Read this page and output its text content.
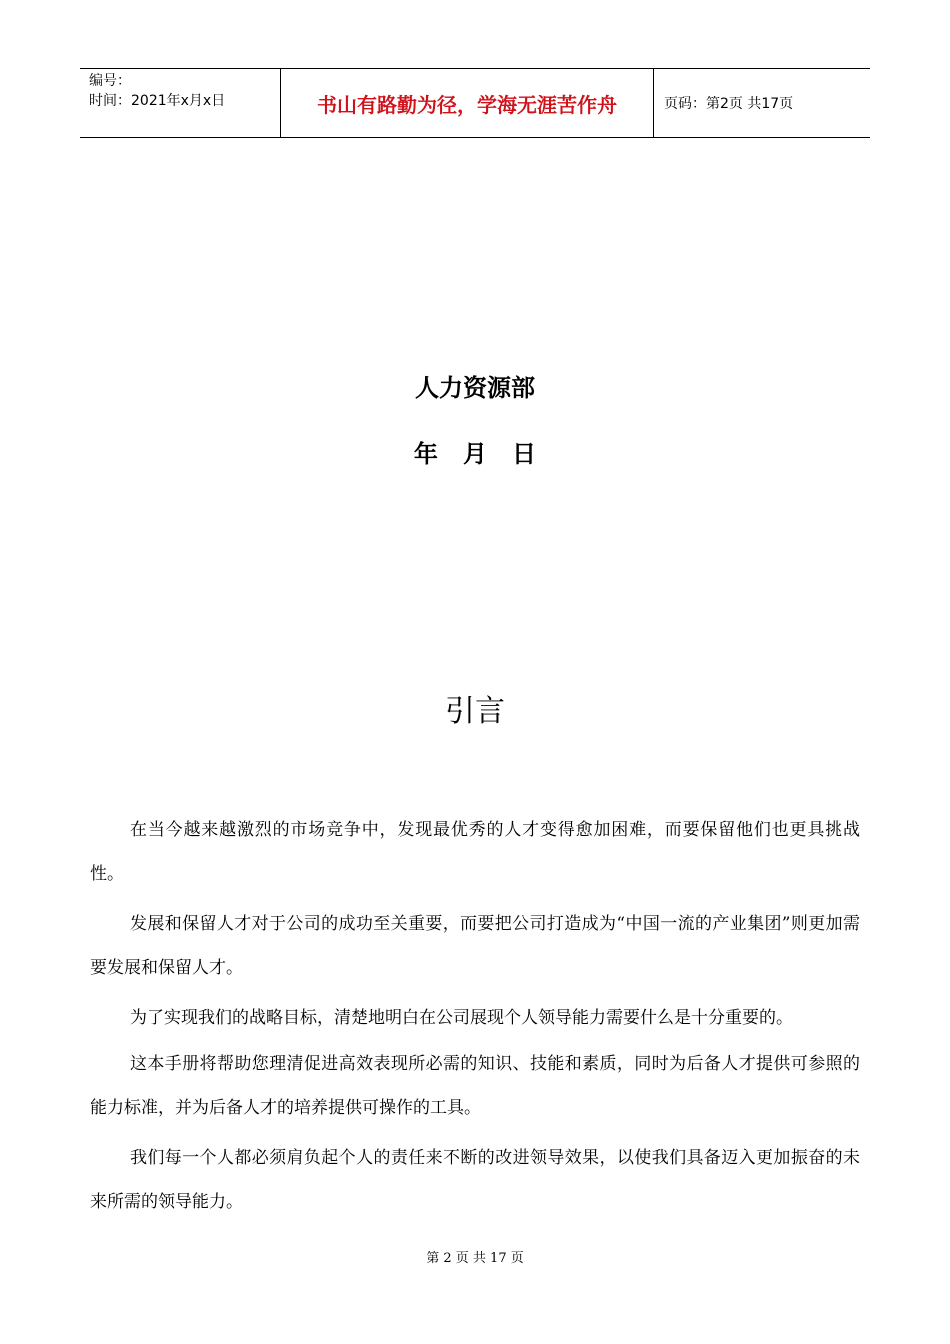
编号：
时间：2021年x月x日	书山有路勤为径，学海无涯苦作舟	页码：第2页 共17页
人力资源部
年   月   日
引言

在当今越来越激烈的市场竞争中，发现最优秀的人才变得愈加困难，而要保留他们也更具挑战性。

发展和保留人才对于公司的成功至关重要，而要把公司打造成为“中国一流的产业集团”则更加需要发展和保留人才。

为了实现我们的战略目标，清楚地明白在公司展现个人领导能力需要什么是十分重要的。

这本手册将帮助您理清促进高效表现所必需的知识、技能和素质，同时为后备人才提供可参照的能力标准，并为后备人才的培养提供可操作的工具。

我们每一个人都必须肩负起个人的责任来不断的改进领导效果，以使我们具备迈入更加振奋的未来所需的领导能力。

第 2 页 共 17 页
